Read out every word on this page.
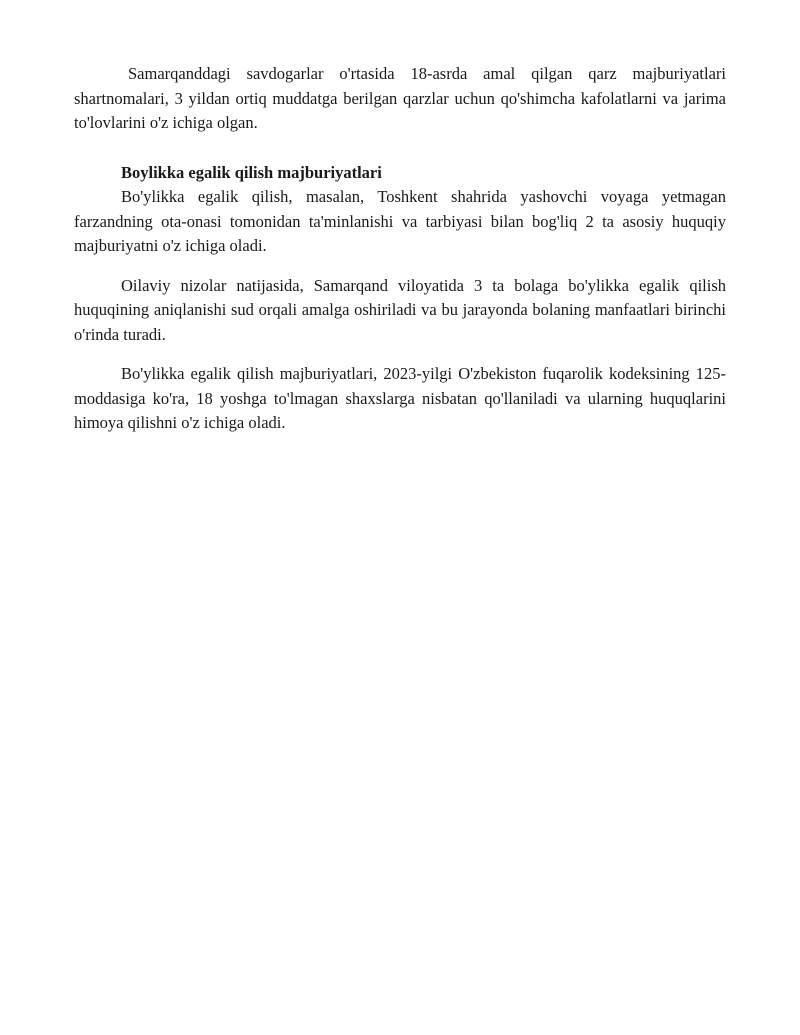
Samarqanddagi savdogarlar o'rtasida 18-asrda amal qilgan qarz majburiyatlari shartnomalari, 3 yildan ortiq muddatga berilgan qarzlar uchun qo'shimcha kafolatlarni va jarima to'lovlarini o'z ichiga olgan.

Boylikka egalik qilish majburiyatlari

Bo'ylikka egalik qilish, masalan, Toshkent shahrida yashovchi voyaga yetmagan farzandning ota-onasi tomonidan ta'minlanishi va tarbiyasi bilan bog'liq 2 ta asosiy huquqiy majburiyatni o'z ichiga oladi.

Oilaviy nizolar natijasida, Samarqand viloyatida 3 ta bolaga bo'ylikka egalik qilish huquqining aniqlanishi sud orqali amalga oshiriladi va bu jarayonda bolaning manfaatlari birinchi o'rinda turadi.

Bo'ylikka egalik qilish majburiyatlari, 2023-yilgi O'zbekiston fuqarolik kodeksining 125-moddasiga ko'ra, 18 yoshga to'lmagan shaxslarga nisbatan qo'llaniladi va ularning huquqlarini himoya qilishni o'z ichiga oladi.
